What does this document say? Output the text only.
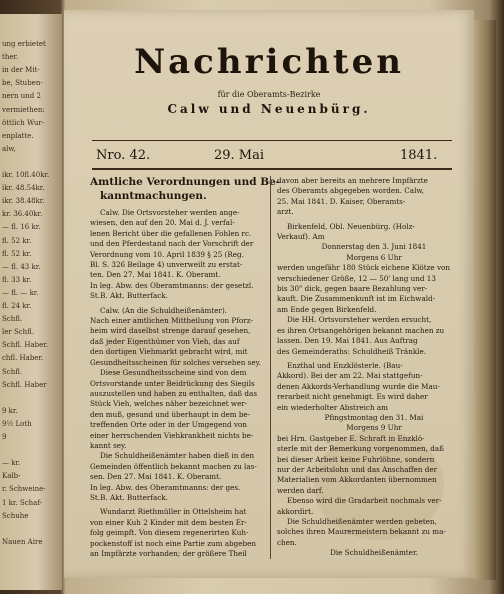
ung erbietet
ther.
in der Mit-
be, Stuben-
nern und 2
vermiethen:
öttlich Wur-
enplatte.
alw,
ikr. 10fl.40kr.
ikr. 48.54kr.
ikr. 38.48kr.
kr. 36.40kr.
— fl. 16 kr.
fl. 52 kr.
fl. 52 kr.
— fl. 43 kr.
fl. 33 kr.
— fl. — kr.
fl. 24 kr.
Schfl.
ler Schfl.
Schfl. Haber.
chfl. Haber.
Schfl.
Schfl. Haber
9 kr.
9½ Loth
9
— kr.
Kalb-
r. Schweine-
1 kr. Schaf-
Schuhe
Nauen Aire
Nachrichten
für die Oberamts-Bezirke
Calw und Neuenbürg.
Nro. 42.	29. Mai	1841.

Amtliche Verordnungen und Be-

kanntmachungen.

Calw. Die Ortsvorsteher werden ange-

wiesen, den auf den 20. Mai d. J. verfal-

lenen Bericht über die gefallenen Fohlen rc.

und den Pferdestand nach der Vorschrift der

Verordnung vom 10. April 1839 § 25 (Reg.

Bl. S. 326 Beilage 4) unverweilt zu erstat-

ten. Den 27. Mai 1841. K. Oberamt.

In leg. Abw. des Oberamtmanns: der gesetzl.

St.B. Akt. Butterfack.

Calw. (An die Schuldheißenämter).

Nach einer amtlichen Mittheilung von Pforz-

heim wird daselbst strenge darauf gesehen,

daß jeder Eigenthümer von Vieh, das auf

den dortigen Viehmarkt gebracht wird, mit

Gesundheitsscheinen für solches versehen sey.

Diese Gesundheitsscheine sind von dem

Ortsvorstande unter Beidrückung des Siegils

auszustellen und haben zu enthalten, daß das

Stück Vieh, welches näher bezeichnet wer-

den muß, gesund und überhaupt in dem be-

treffenden Orte oder in der Umgegend von

einer herrschenden Viehkrankheit nichts be-

kannt sey.

Die Schuldheißenämter haben dieß in den

Gemeinden öffentlich bekannt machen zu las-

sen. Den 27. Mai 1841. K. Oberamt.

In leg. Abw. des Oberamtmanns: der ges.

St.B. Akt. Butterfack.

Wundarzt Riethmüller in Ottelsheim hat

von einer Kuh 2 Kinder mit dem besten Er-

folg geimpft. Von diesem regenerirten Kuh-

pockenstoff ist noch eine Partie zum abgeben

an Impfärzte vorhanden; der größere Theil

davon aber bereits an mehrere Impfärzte

des Oberamts abgegeben worden. Calw,

25. Mai 1841. D. Kaiser, Oberamts-

arzt.

Birkenfeld, Obl. Neuenbürg. (Holz-

Verkauf). Am

Donnerstag den 3. Juni 1841

Morgens 6 Uhr

werden ungefähr 180 Stück eichene Klötze von

verschiedener Größe, 12 — 50' lang und 13

bis 30" dick, gegen baare Bezahlung ver-

kauft. Die Zusammenkunft ist im Eichwald-

am Ende gegen Birkenfeld.

Die HH. Ortsvorsteher werden ersucht,

es ihren Ortsangehörigen bekannt machen zu

lassen. Den 19. Mai 1841. Aus Auftrag

des Gemeinderaths: Schuldheiß Tränkle.

Enzthal und Enzklösterle. (Bau-

Akkord). Bei der am 22. Mai stattgefun-

denen Akkords-Verhandlung wurde die Mau-

rerarbeit nicht genehmigt. Es wird daher

ein wiederholter Abstreich am

Pfingstmontag den 31. Mai

Morgens 9 Uhr

bei Hrn. Gastgeber E. Schraft in Enzklö-

sterle mit der Bemerkung vorgenommen, daß

bei dieser Arbeit keine Fuhrlöhne, sondern

nur der Arbeitslohn und das Anschaffen der

Materialien vom Akkordanten übernommen

werden darf.

Ebenso wird die Gradarbeit nochmals ver-

akkordirt.

Die Schuldheißenämter werden gebeten,

solches ihren Maurermeistern bekannt zu ma-

chen.

Die Schuldheißenämter.
